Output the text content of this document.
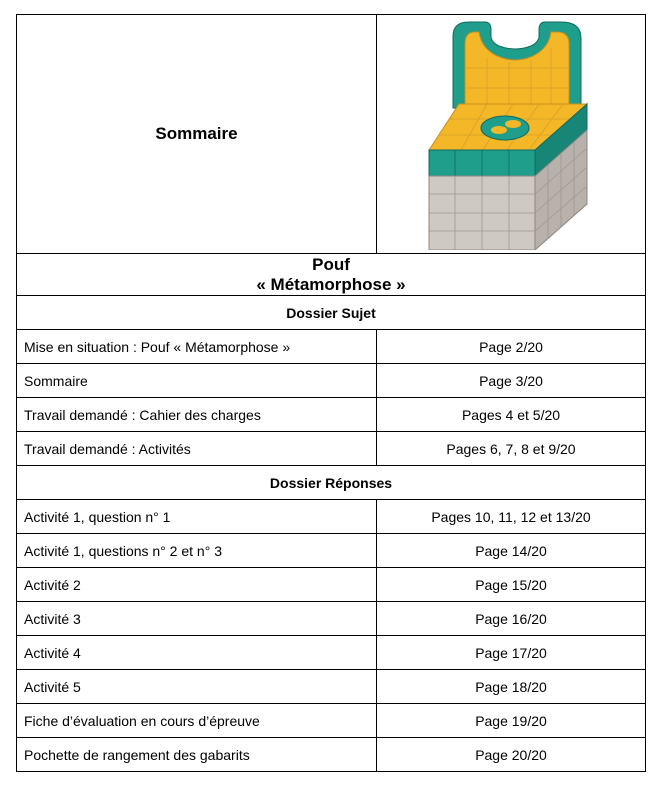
Sommaire	

Pouf
« Métamorphose »	

Dossier Sujet	
Mise en situation : Pouf « Métamorphose »	Page 2/20
Sommaire	Page 3/20
Travail demandé : Cahier des charges	Pages 4 et 5/20
Travail demandé : Activités	Pages 6, 7, 8 et 9/20
Dossier Réponses	
Activité 1, question n° 1	Pages 10, 11, 12 et 13/20
Activité 1, questions n° 2 et n° 3	Page 14/20
Activité 2	Page 15/20
Activité 3	Page 16/20
Activité 4	Page 17/20
Activité 5	Page 18/20
Fiche d’évaluation en cours d’épreuve	Page 19/20
Pochette de rangement des gabarits	Page 20/20
